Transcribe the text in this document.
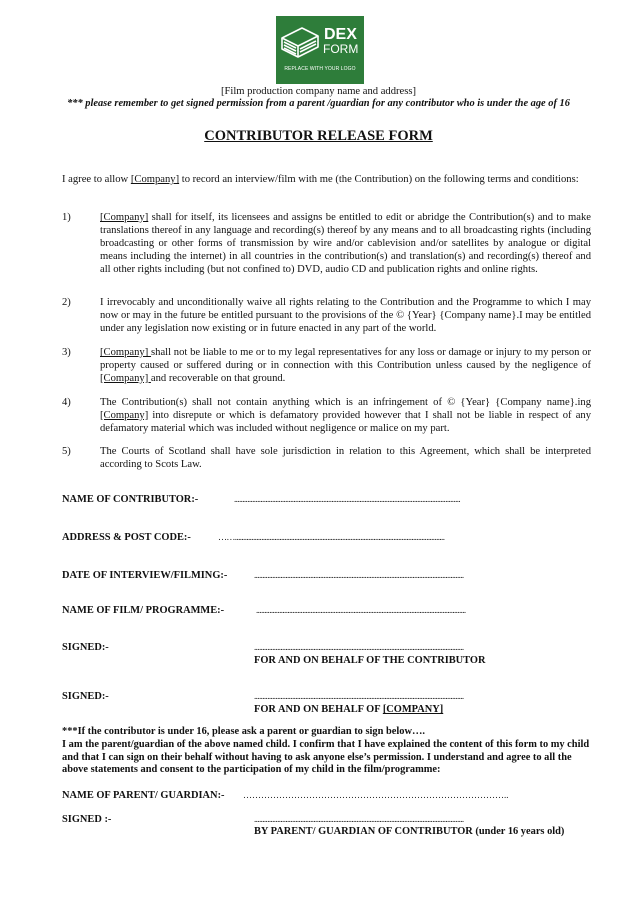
DEX
FORM
REPLACE WITH YOUR LOGO
[Film production company name and address]
*** please remember to get signed permission from a parent /guardian for any contributor who is under the age of 16
CONTRIBUTOR RELEASE FORM
I agree to allow [Company] to record an interview/film with me (the Contribution) on the following terms and conditions:
1)	[Company] shall for itself, its licensees and assigns be entitled to edit or abridge the Contribution(s) and to make translations thereof in any language and recording(s) thereof by any means and to all broadcasting rights (including broadcasting or other forms of transmission by wire and/or cablevision and/or satellites by analogue or digital means including the internet) in all countries in the contribution(s) and translation(s) and recording(s) thereof and all other rights including (but not confined to) DVD, audio CD and publication rights and online rights.
2)	I irrevocably and unconditionally waive all rights relating to the Contribution and the Programme to which I may now or may in the future be entitled pursuant to the provisions of the © {Year} {Company name}.I may be entitled under any legislation now existing or in future enacted in any part of the world.
3)	[Company] shall not be liable to me or to my legal representatives for any loss or damage or injury to my person or property caused or suffered during or in connection with this Contribution unless caused by the negligence of [Company] and recoverable on that ground.
4)	The Contribution(s) shall not contain anything which is an infringement of © {Year} {Company name}.ing [Company] into disrepute or which is defamatory provided however that I shall not be liable in respect of any defamatory material which was included without negligence or malice on my part.
5)	The Courts of Scotland shall have sole jurisdiction in relation to this Agreement, which shall be interpreted according to Scots Law.
NAME OF CONTRIBUTOR:-	.........................................................................................................................................
ADDRESS & POST CODE:-	……...............................................................................................................................
DATE OF INTERVIEW/FILMING:-	...............................................................................................................................
NAME OF FILM/ PROGRAMME:-	...............................................................................................................................
SIGNED:-	...............................................................................................................................
FOR AND ON BEHALF OF THE CONTRIBUTOR
SIGNED:-	...............................................................................................................................
FOR AND ON BEHALF OF [COMPANY]
***If the contributor is under 16, please ask a parent or guardian to sign below….
I am the parent/guardian of the above named child. I confirm that I have explained the content of this form to my child and that I can sign on their behalf without having to ask anyone else’s permission. I understand and agree to all the above statements and consent to the participation of my child in the film/programme:
NAME OF PARENT/ GUARDIAN:- ……………………………………………………………………………..
SIGNED :-	...............................................................................................................................
BY PARENT/ GUARDIAN OF CONTRIBUTOR (under 16 years old)
